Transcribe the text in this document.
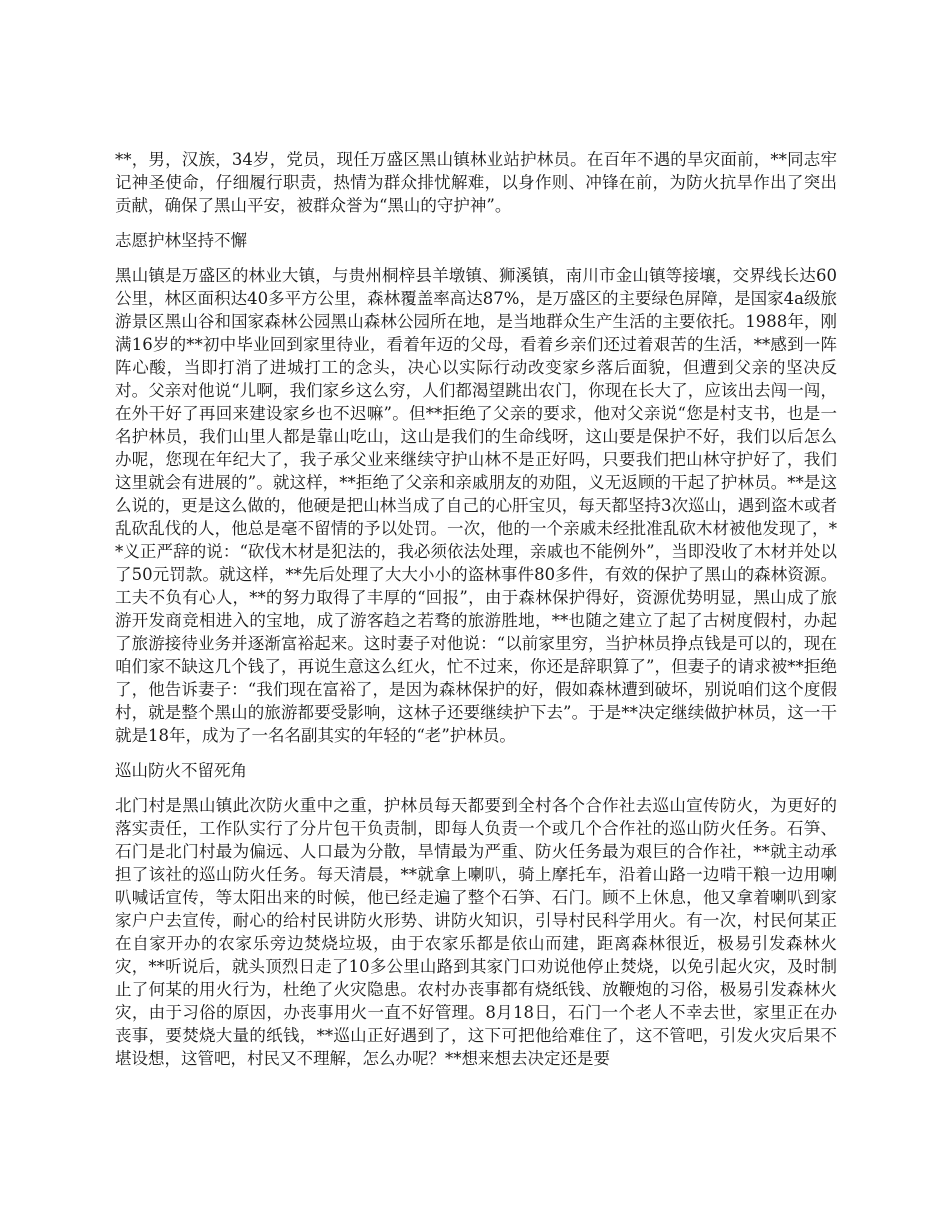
**，男，汉族，34岁，党员，现任万盛区黑山镇林业站护林员。在百年不遇的旱灾面前，**同志牢记神圣使命，仔细履行职责，热情为群众排忧解难，以身作则、冲锋在前，为防火抗旱作出了突出贡献，确保了黑山平安，被群众誉为“黑山的守护神”。

志愿护林坚持不懈

黑山镇是万盛区的林业大镇，与贵州桐梓县羊墩镇、狮溪镇，南川市金山镇等接壤，交界线长达60公里，林区面积达40多平方公里，森林覆盖率高达87%，是万盛区的主要绿色屏障，是国家4a级旅游景区黑山谷和国家森林公园黑山森林公园所在地，是当地群众生产生活的主要依托。1988年，刚满16岁的**初中毕业回到家里待业，看着年迈的父母，看着乡亲们还过着艰苦的生活，**感到一阵阵心酸，当即打消了进城打工的念头，决心以实际行动改变家乡落后面貌，但遭到父亲的坚决反对。父亲对他说“儿啊，我们家乡这么穷，人们都渴望跳出农门，你现在长大了，应该出去闯一闯，在外干好了再回来建设家乡也不迟嘛”。但**拒绝了父亲的要求，他对父亲说“您是村支书，也是一名护林员，我们山里人都是靠山吃山，这山是我们的生命线呀，这山要是保护不好，我们以后怎么办呢，您现在年纪大了，我子承父业来继续守护山林不是正好吗，只要我们把山林守护好了，我们这里就会有进展的”。就这样，**拒绝了父亲和亲戚朋友的劝阻，义无返顾的干起了护林员。**是这么说的，更是这么做的，他硬是把山林当成了自己的心肝宝贝，每天都坚持3次巡山，遇到盗木或者乱砍乱伐的人，他总是毫不留情的予以处罚。一次，他的一个亲戚未经批准乱砍木材被他发现了，**义正严辞的说：“砍伐木材是犯法的，我必须依法处理，亲戚也不能例外”，当即没收了木材并处以了50元罚款。就这样，**先后处理了大大小小的盗林事件80多件，有效的保护了黑山的森林资源。工夫不负有心人，**的努力取得了丰厚的“回报”，由于森林保护得好，资源优势明显，黑山成了旅游开发商竞相进入的宝地，成了游客趋之若骛的旅游胜地，**也随之建立了起了古树度假村，办起了旅游接待业务并逐渐富裕起来。这时妻子对他说：“以前家里穷，当护林员挣点钱是可以的，现在咱们家不缺这几个钱了，再说生意这么红火，忙不过来，你还是辞职算了”，但妻子的请求被**拒绝了，他告诉妻子：“我们现在富裕了，是因为森林保护的好，假如森林遭到破坏，别说咱们这个度假村，就是整个黑山的旅游都要受影响，这林子还要继续护下去”。于是**决定继续做护林员，这一干就是18年，成为了一名名副其实的年轻的“老”护林员。

巡山防火不留死角

北门村是黑山镇此次防火重中之重，护林员每天都要到全村各个合作社去巡山宣传防火，为更好的落实责任，工作队实行了分片包干负责制，即每人负责一个或几个合作社的巡山防火任务。石笋、石门是北门村最为偏远、人口最为分散，旱情最为严重、防火任务最为艰巨的合作社，**就主动承担了该社的巡山防火任务。每天清晨，**就拿上喇叭，骑上摩托车，沿着山路一边啃干粮一边用喇叭喊话宣传，等太阳出来的时候，他已经走遍了整个石笋、石门。顾不上休息，他又拿着喇叭到家家户户去宣传，耐心的给村民讲防火形势、讲防火知识，引导村民科学用火。有一次，村民何某正在自家开办的农家乐旁边焚烧垃圾，由于农家乐都是依山而建，距离森林很近，极易引发森林火灾，**听说后，就头顶烈日走了10多公里山路到其家门口劝说他停止焚烧，以免引起火灾，及时制止了何某的用火行为，杜绝了火灾隐患。农村办丧事都有烧纸钱、放鞭炮的习俗，极易引发森林火灾，由于习俗的原因，办丧事用火一直不好管理。8月18日，石门一个老人不幸去世，家里正在办丧事，要焚烧大量的纸钱，**巡山正好遇到了，这下可把他给难住了，这不管吧，引发火灾后果不堪设想，这管吧，村民又不理解，怎么办呢？**想来想去决定还是要
